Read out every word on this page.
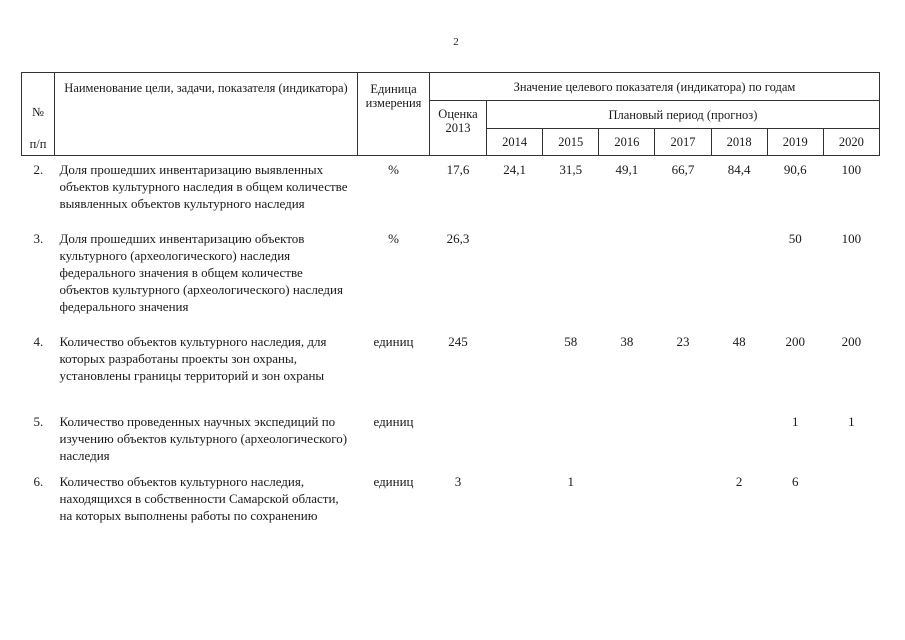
2
№
п/п	Наименование цели, задачи, показателя (индикатора)	Единица измерения	Значение целевого показателя (индикатора) по годам							
			Оценка 2013	Плановый период (прогноз)						
				2014	2015	2016	2017	2018	2019	2020
2.	Доля прошедших инвентаризацию выявленных объектов культурного наследия в общем количестве выявленных объектов культурного наследия	%	17,6	24,1	31,5	49,1	66,7	84,4	90,6	100
3.	Доля прошедших инвентаризацию объектов культурного (археологического) наследия федерального значения в общем количестве объектов культурного (археологического) наследия федерального значения	%	26,3						50	100
4.	Количество объектов культурного наследия, для которых разработаны проекты зон охраны, установлены границы территорий и зон охраны	единиц	245		58	38	23	48	200	200
5.	Количество проведенных научных экспедиций по изучению объектов культурного (археологического) наследия	единиц							1	1
6.	Количество объектов культурного наследия, находящихся в собственности Самарской области, на которых выполнены работы по сохранению	единиц	3		1			2	6	
